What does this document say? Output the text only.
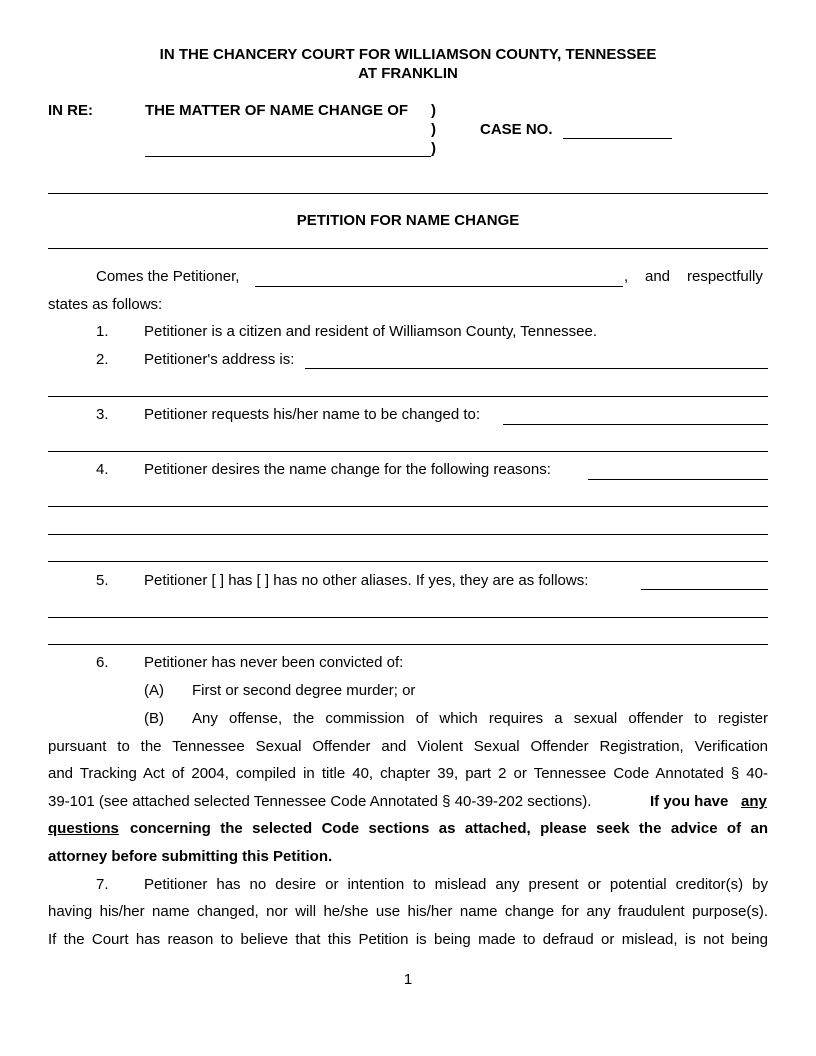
IN THE CHANCERY COURT FOR WILLIAMSON COUNTY, TENNESSEE
AT FRANKLIN
IN RE:	THE MATTER OF NAME CHANGE OF )
)
)
CASE NO.
PETITION FOR NAME CHANGE
Comes the Petitioner,	, and respectfully
states as follows:
1. Petitioner is a citizen and resident of Williamson County, Tennessee.
2. Petitioner's address is:
3. Petitioner requests his/her name to be changed to:
4. Petitioner desires the name change for the following reasons:
5. Petitioner [ ] has [ ] has no other aliases. If yes, they are as follows:
6. Petitioner has never been convicted of:
(A) First or second degree murder; or
(B) Any offense, the commission of which requires a sexual offender to register
pursuant to the Tennessee Sexual Offender and Violent Sexual Offender Registration, Verification
and Tracking Act of 2004, compiled in title 40, chapter 39, part 2 or Tennessee Code Annotated § 40-
39-101 (see attached selected Tennessee Code Annotated § 40-39-202 sections).	If you have any
questions concerning the selected Code sections as attached, please seek the advice of an
attorney before submitting this Petition.
7. Petitioner has no desire or intention to mislead any present or potential creditor(s) by
having his/her name changed, nor will he/she use his/her name change for any fraudulent purpose(s).
If the Court has reason to believe that this Petition is being made to defraud or mislead, is not being
1
